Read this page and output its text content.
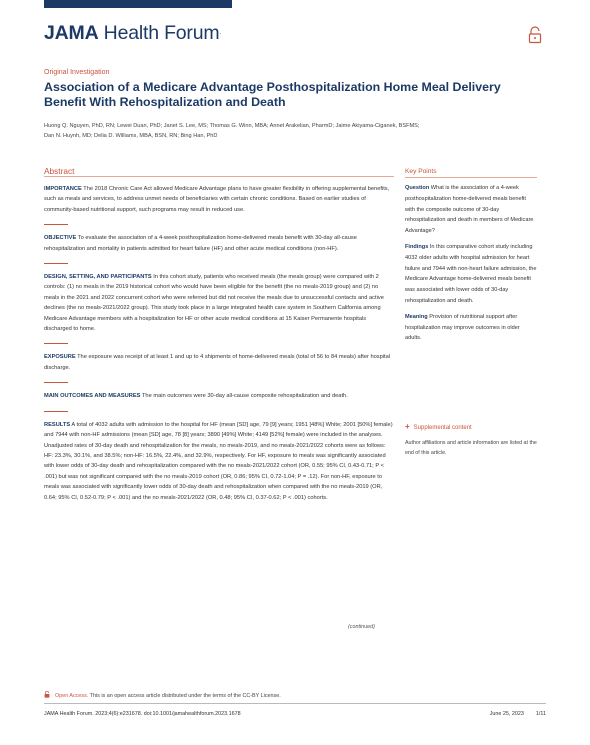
JAMA Health Forum.
Original Investigation
Association of a Medicare Advantage Posthospitalization Home Meal Delivery Benefit With Rehospitalization and Death
Huong Q. Nguyen, PhD, RN; Lewei Duan, PhD; Janet S. Lee, MS; Thomas G. Winn, MBA; Annet Arakelian, PharmD; Jaime Akiyama-Ciganek, BSFMS;
Dan N. Huynh, MD; Delia D. Williams, MBA, BSN, RN; Bing Han, PhD
Abstract

IMPORTANCE The 2018 Chronic Care Act allowed Medicare Advantage plans to have greater flexibility in offering supplemental benefits, such as meals and services, to address unmet needs of beneficiaries with certain chronic conditions. Based on earlier studies of community-based nutritional support, such programs may result in reduced use.

OBJECTIVE To evaluate the association of a 4-week posthospitalization home-delivered meals benefit with 30-day all-cause rehospitalization and mortality in patients admitted for heart failure (HF) and other acute medical conditions (non-HF).

DESIGN, SETTING, AND PARTICIPANTS In this cohort study, patients who received meals (the meals group) were compared with 2 controls: (1) no meals in the 2019 historical cohort who would have been eligible for the benefit (the no meals-2019 group) and (2) no meals in the 2021 and 2022 concurrent cohort who were referred but did not receive the meals due to unsuccessful contacts and active declines (the no meals-2021/2022 group). This study took place in a large integrated health care system in Southern California among Medicare Advantage members with a hospitalization for HF or other acute medical conditions at 15 Kaiser Permanente hospitals discharged to home.

EXPOSURE The exposure was receipt of at least 1 and up to 4 shipments of home-delivered meals (total of 56 to 84 meals) after hospital discharge.

MAIN OUTCOMES AND MEASURES The main outcomes were 30-day all-cause composite rehospitalization and death.

RESULTS A total of 4032 adults with admission to the hospital for HF (mean [SD] age, 79 [9] years; 1951 [48%] White; 2001 [50%] female) and 7944 with non-HF admissions (mean [SD] age, 78 [8] years; 3890 [49%] White; 4149 [52%] female) were included in the analyses. Unadjusted rates of 30-day death and rehospitalization for the meals, no meals-2019, and no meals-2021/2022 cohorts were as follows: HF: 23.3%, 30.1%, and 38.5%; non-HF: 16.5%, 22.4%, and 32.9%, respectively. For HF, exposure to meals was significantly associated with lower odds of 30-day death and rehospitalization compared with the no meals-2021/2022 cohort (OR, 0.55; 95% CI, 0.43-0.71; P < .001) but was not significant compared with the no meals-2019 cohort (OR, 0.86; 95% CI, 0.72-1.04; P = .12). For non-HF, exposure to meals was associated with significantly lower odds of 30-day death and rehospitalization when compared with the no meals-2019 (OR, 0.64; 95% CI, 0.52-0.79; P < .001) and the no meals-2021/2022 (OR, 0.48; 95% CI, 0.37-0.62; P < .001) cohorts.

(continued)
Key Points

Question What is the association of a 4-week posthospitalization home-delivered meals benefit with the composite outcome of 30-day rehospitalization and death in members of Medicare Advantage?

Findings In this comparative cohort study including 4032 older adults with hospital admission for heart failure and 7944 with non-heart failure admission, the Medicare Advantage home-delivered meals benefit was associated with lower odds of 30-day rehospitalization and death.

Meaning Provision of nutritional support after hospitalization may improve outcomes in older adults.

+ Supplemental content
Author affiliations and article information are listed at the end of this article.
Open Access. This is an open access article distributed under the terms of the CC-BY License.
JAMA Health Forum. 2023;4(6):e231678. doi:10.1001/jamahealthforum.2023.1678	June 25, 2023 1/11
